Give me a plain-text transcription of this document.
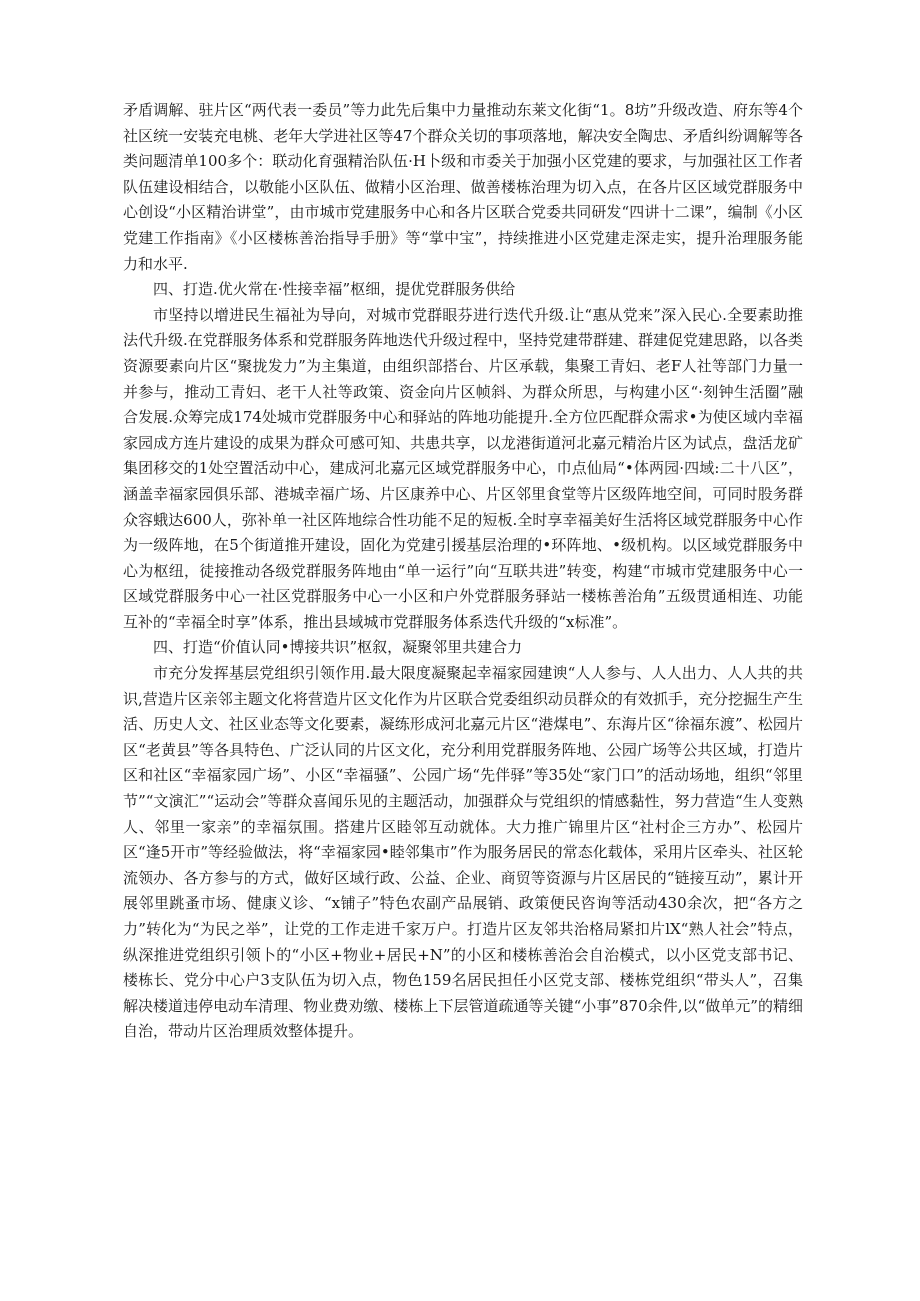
矛盾调解、驻片区“两代表一委员”等力此先后集中力量推动东莱文化街“1。8坊”升级改造、府东等4个社区统一安装充电桃、老年大学进社区等47个群众关切的事项落地，解决安全陶忠、矛盾纠纷调解等各类问题清单100多个：联动化育强精治队伍·H卜级和市委关于加强小区党建的要求，与加强社区工作者队伍建设相结合，以敬能小区队伍、做精小区治理、做善楼栋治理为切入点，在各片区区域党群服务中心创设“小区精治讲堂”，由市城市党建服务中心和各片区联合党委共同研发“四讲十二课”，编制《小区党建工作指南》《小区楼栋善治指导手册》等“掌中宝”，持续推进小区党建走深走实，提升治理服务能力和水平.

四、打造.优火常在·性接幸福”枢细，提优党群服务供给

市坚持以增进民生福祉为导向，对城市党群眼芬进行迭代升级.让“惠从党来”深入民心.全要素助推法代升级.在党群服务体系和党群服务阵地迭代升级过程中，坚持党建带群建、群建促党建思路，以各类资源要素向片区“聚拢发力”为主集道，由组织部搭台、片区承载，集聚工青妇、老F人社等部门力量一并参与，推动工青妇、老干人社等政策、资金向片区帧斜、为群众所思，与构建小区“·刻钟生活圈”融合发展.众筹完成174处城市党群服务中心和驿站的阵地功能提升.全方位匹配群众需求•为使区域内幸福家园成方连片建设的成果为群众可感可知、共患共享，以龙港街道河北嘉元精治片区为试点，盘活龙矿集团移交的1处空置活动中心，建成河北嘉元区域党群服务中心，巾点仙局“•体两园·四域:二十八区”，涵盖幸福家园俱乐部、港城幸福广场、片区康养中心、片区邻里食堂等片区级阵地空间，可同时股务群众容蛾达600人，弥补单一社区阵地综合性功能不足的短板.全时享幸福美好生活将区域党群服务中心作为一级阵地，在5个街道推开建设，固化为党建引援基层治理的•环阵地、•级机构。以区域党群服务中心为枢纽，徒接推动各级党群服务阵地由“单一运行”向“互联共进”转变，构建“市城市党建服务中心一区域党群服务中心一社区党群服务中心一小区和户外党群服务驿站一楼栋善治角”五级贯通相连、功能互补的“幸福全时享”体系，推出县域城市党群服务体系迭代升级的“x标准”。

四、打造“价值认同•博接共识”枢叙，凝聚邻里共建合力

市充分发挥基层党组织引领作用.最大限度凝聚起幸福家园建谀“人人参与、人人出力、人人共的共识,营造片区亲邻主题文化将营造片区文化作为片区联合党委组织动员群众的有效抓手，充分挖掘生产生活、历史人文、社区业态等文化要素，凝练形成河北嘉元片区“港煤电”、东海片区“徐福东渡”、松园片区“老黄县”等各具特色、广泛认同的片区文化，充分利用党群服务阵地、公园广场等公共区域，打造片区和社区“幸福家园广场”、小区“幸福骚”、公园广场“先伴驿”等35处“家门口”的活动场地，组织“邻里节”“文演汇”“运动会”等群众喜闻乐见的主题活动，加强群众与党组织的情感黏性，努力营造“生人变熟人、邻里一家亲”的幸福氛围。搭建片区睦邻互动就体。大力推广锦里片区“社村企三方办”、松园片区“逢5开市”等经验做法，将“幸福家园•睦邻集市”作为服务居民的常态化载体，采用片区牵头、社区轮流领办、各方参与的方式，做好区域行政、公益、企业、商贸等资源与片区居民的“链接互动”，累计开展邻里跳蚤市场、健康义诊、“x铺子”特色农副产品展销、政策便民咨询等活动430余次，把“各方之力”转化为“为民之举”，让党的工作走进千家万户。打造片区友邻共治格局紧扣片lX“熟人社会”特点，纵深推进党组织引领卜的“小区+物业+居民+N”的小区和楼栋善治会自治模式，以小区党支部书记、楼栋长、党分中心户3支队伍为切入点，物色159名居民担任小区党支部、楼栋党组织“带头人”，召集解决楼道违停电动车清理、物业费劝缴、楼栋上下层管道疏通等关键“小事”870余件,以“做单元”的精细自治，带动片区治理质效整体提升。
